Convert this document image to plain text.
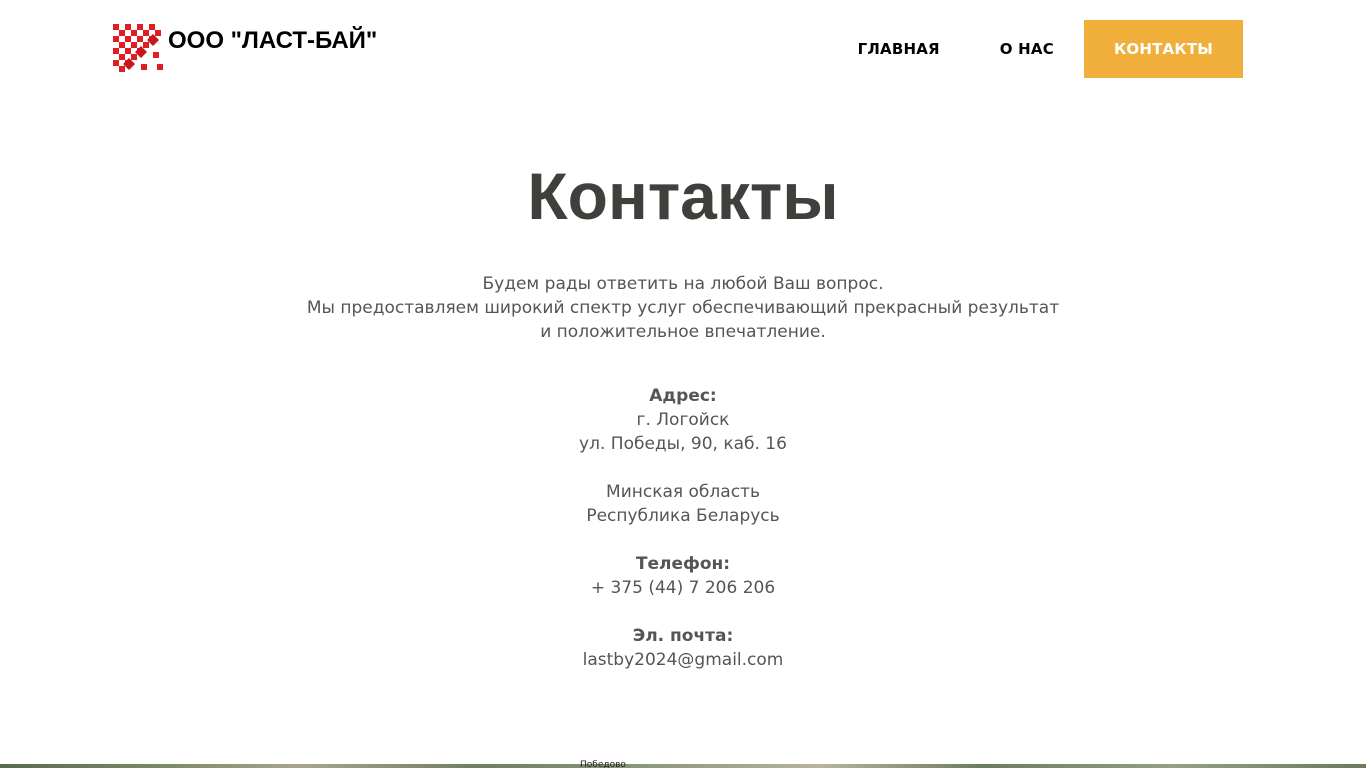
ООО "ЛАСТ-БАЙ"	ГЛАВНАЯ	О НАС	КОНТАКТЫ
Контакты
Будем рады ответить на любой Ваш вопрос.
Мы предоставляем широкий спектр услуг обеспечивающий прекрасный результат
и положительное впечатление.
Адрес:
г. Логойск
ул. Победы, 90, каб. 16
Минская область
Республика Беларусь
Телефон:
+ 375 (44) 7 206 206
Эл. почта:
lastby2024@gmail.com
Победово
